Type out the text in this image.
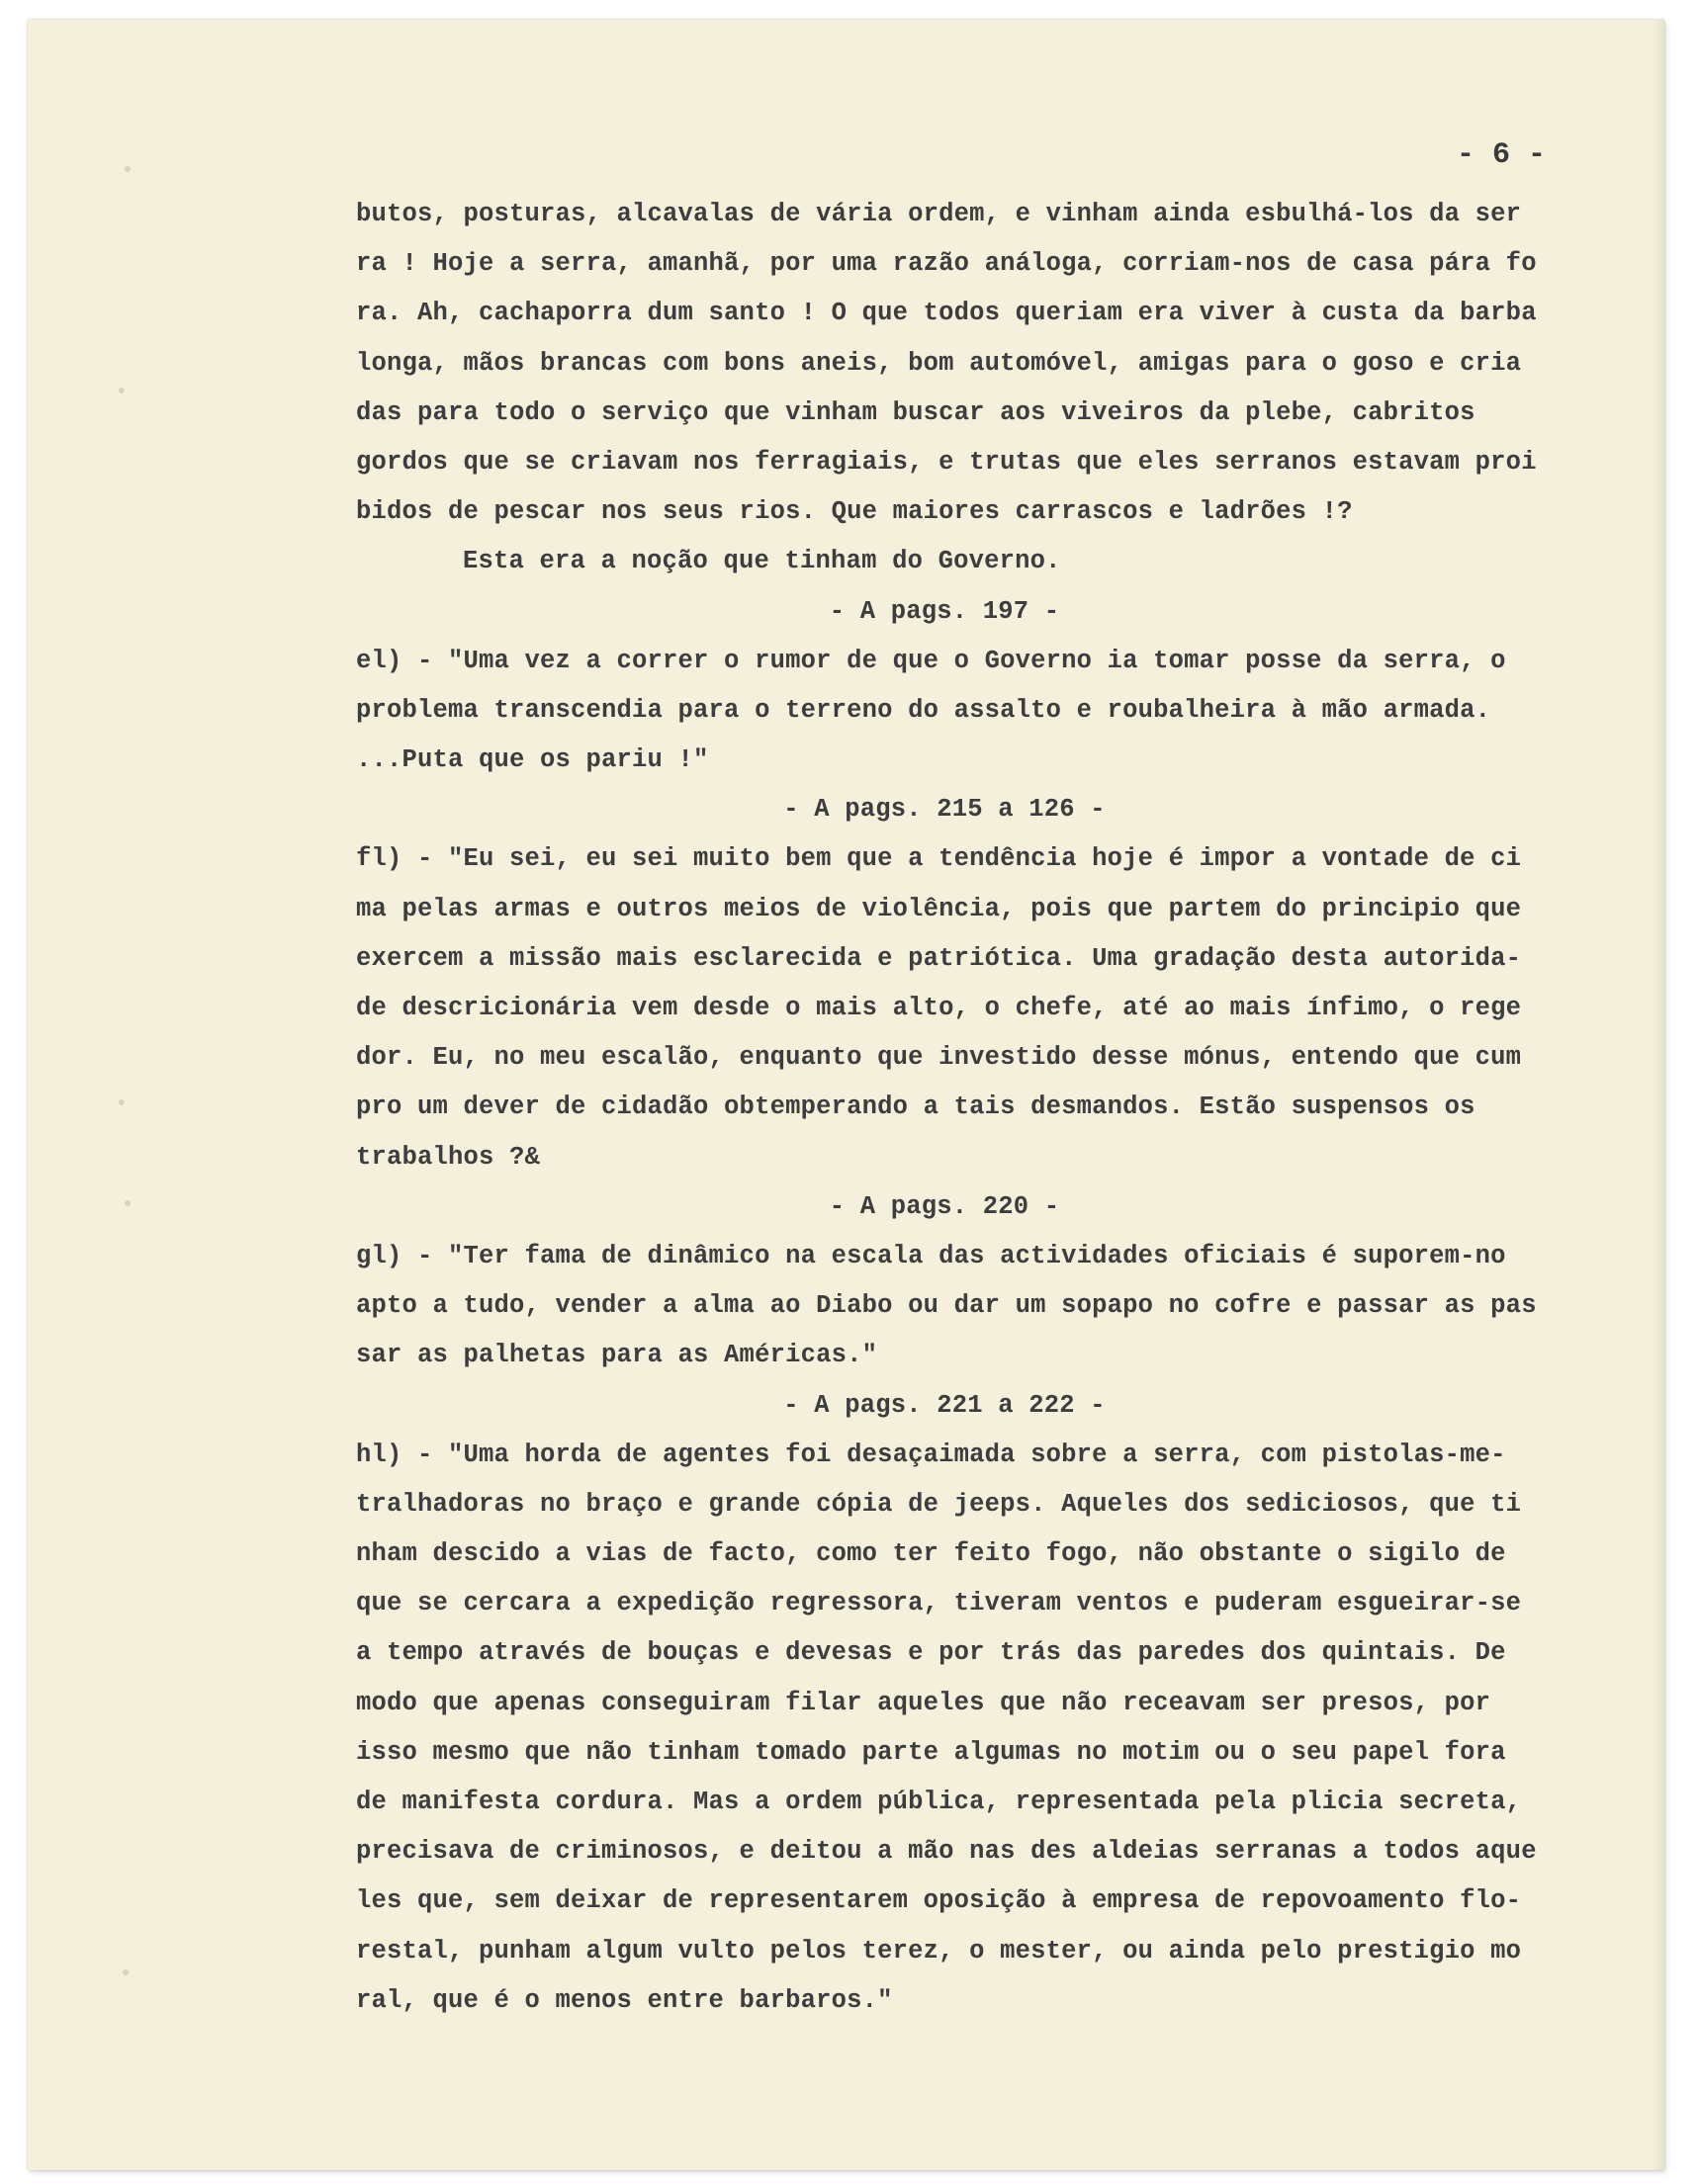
- 6 -
butos, posturas, alcavalas de vária ordem, e vinham ainda esbulhá-los da ser
ra ! Hoje a serra, amanhã, por uma razão análoga, corriam-nos de casa pára fo
ra. Ah, cachaporra dum santo ! O que todos queriam era viver à custa da barba
longa, mãos brancas com bons aneis, bom automóvel, amigas para o goso e cria
das para todo o serviço que vinham buscar aos viveiros da plebe, cabritos
gordos que se criavam nos ferragiais, e trutas que eles serranos estavam proi
bidos de pescar nos seus rios. Que maiores carrascos e ladrões !?
Esta era a noção que tinham do Governo.
- A pags. 197 -
el) - "Uma vez a correr o rumor de que o Governo ia tomar posse da serra, o
problema transcendia para o terreno do assalto e roubalheira à mão armada.
...Puta que os pariu !"
- A pags. 215 a 126 -
fl) - "Eu sei, eu sei muito bem que a tendência hoje é impor a vontade de ci
ma pelas armas e outros meios de violência, pois que partem do principio que
exercem a missão mais esclarecida e patriótica. Uma gradação desta autorida-
de descricionária vem desde o mais alto, o chefe, até ao mais ínfimo, o rege
dor. Eu, no meu escalão, enquanto que investido desse mónus, entendo que cum
pro um dever de cidadão obtemperando a tais desmandos. Estão suspensos os
trabalhos ?&
- A pags. 220 -
gl) - "Ter fama de dinâmico na escala das actividades oficiais é suporem-no
apto a tudo, vender a alma ao Diabo ou dar um sopapo no cofre e passar as pas
sar as palhetas para as Américas."
- A pags. 221 a 222 -
hl) - "Uma horda de agentes foi desaçaimada sobre a serra, com pistolas-me-
tralhadoras no braço e grande cópia de jeeps. Aqueles dos sediciosos, que ti
nham descido a vias de facto, como ter feito fogo, não obstante o sigilo de
que se cercara a expedição regressora, tiveram ventos e puderam esgueirar-se
a tempo através de bouças e devesas e por trás das paredes dos quintais. De
modo que apenas conseguiram filar aqueles que não receavam ser presos, por
isso mesmo que não tinham tomado parte algumas no motim ou o seu papel fora
de manifesta cordura. Mas a ordem pública, representada pela plicia secreta,
precisava de criminosos, e deitou a mão nas des aldeias serranas a todos aque
les que, sem deixar de representarem oposição à empresa de repovoamento flo-
restal, punham algum vulto pelos terez, o mester, ou ainda pelo prestigio mo
ral, que é o menos entre barbaros."
